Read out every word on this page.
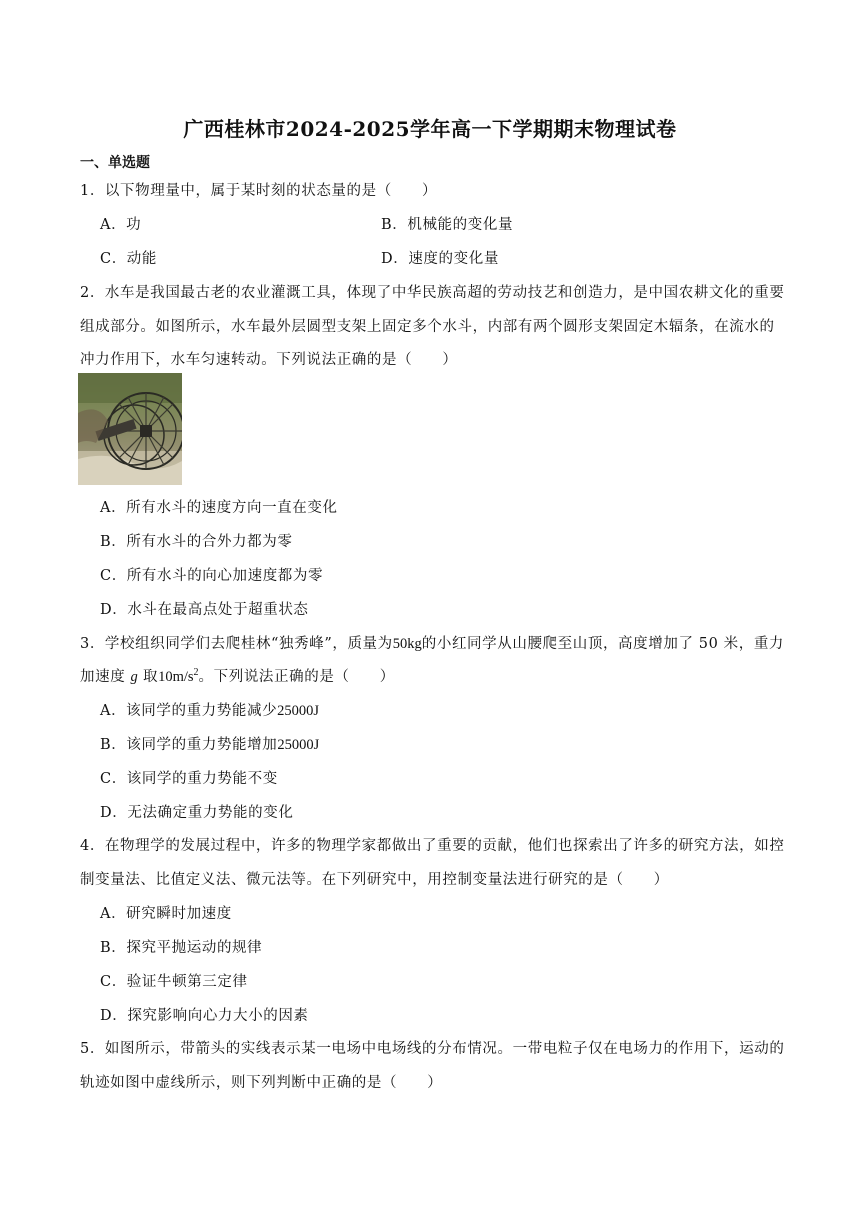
广西桂林市2024-2025学年高一下学期期末物理试卷
一、单选题
1．以下物理量中，属于某时刻的状态量的是（　　）
A．功	B．机械能的变化量
C．动能	D．速度的变化量
2．水车是我国最古老的农业灌溉工具，体现了中华民族高超的劳动技艺和创造力，是中国农耕文化的重要
组成部分。如图所示，水车最外层圆型支架上固定多个水斗，内部有两个圆形支架固定木辐条，在流水的
冲力作用下，水车匀速转动。下列说法正确的是（　　）
A．所有水斗的速度方向一直在变化
B．所有水斗的合外力都为零
C．所有水斗的向心加速度都为零
D．水斗在最高点处于超重状态
3．学校组织同学们去爬桂林“独秀峰”，质量为50kg的小红同学从山腰爬至山顶，高度增加了 50 米，重力
加速度 g 取$10m/s^2$。下列说法正确的是（　　）
A．该同学的重力势能减少25000J
B．该同学的重力势能增加25000J
C．该同学的重力势能不变
D．无法确定重力势能的变化
4．在物理学的发展过程中，许多的物理学家都做出了重要的贡献，他们也探索出了许多的研究方法，如控
制变量法、比值定义法、微元法等。在下列研究中，用控制变量法进行研究的是（　　）
A．研究瞬时加速度
B．探究平抛运动的规律
C．验证牛顿第三定律
D．探究影响向心力大小的因素
5．如图所示，带箭头的实线表示某一电场中电场线的分布情况。一带电粒子仅在电场力的作用下，运动的
轨迹如图中虚线所示，则下列判断中正确的是（　　）
